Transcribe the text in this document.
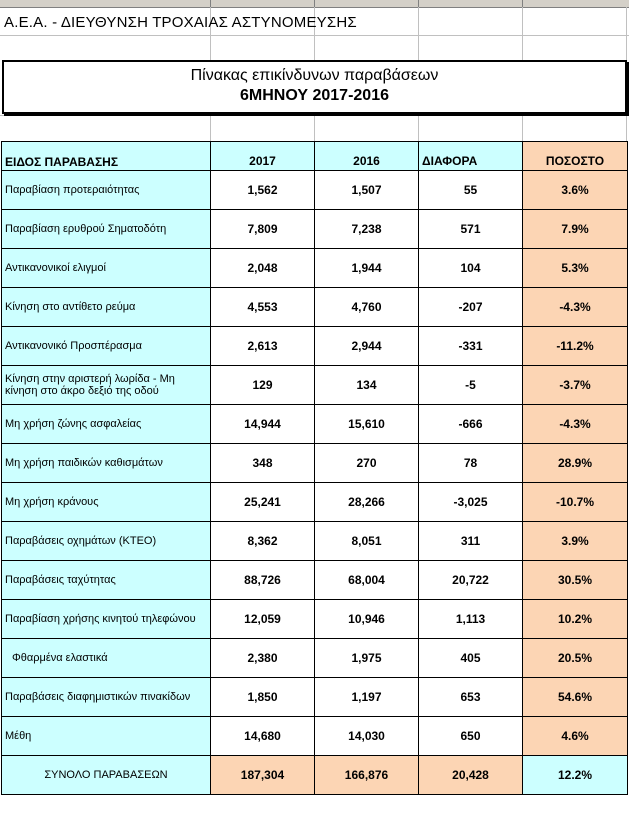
Α.Ε.Α. - ΔΙΕΥΘΥΝΣΗ ΤΡΟΧΑΙΑΣ ΑΣΤΥΝΟΜΕΥΣΗΣ
Πίνακας επικίνδυνων παραβάσεων
6ΜΗΝΟΥ 2017-2016
ΕΙΔΟΣ ΠΑΡΑΒΑΣΗΣ	2017	2016	ΔΙΑΦΟΡΑ	ΠΟΣΟΣΤΟ
Παραβίαση προτεραιότητας	1,562	1,507	55	3.6%
Παραβίαση ερυθρού Σηματοδότη	7,809	7,238	571	7.9%
Αντικανονικοί ελιγμοί	2,048	1,944	104	5.3%
Κίνηση στο αντίθετο ρεύμα	4,553	4,760	-207	-4.3%
Αντικανονικό Προσπέρασμα	2,613	2,944	-331	-11.2%
Κίνηση στην αριστερή λωρίδα - Μη κίνηση στο άκρο δεξιό της οδού	129	134	-5	-3.7%
Μη χρήση ζώνης ασφαλείας	14,944	15,610	-666	-4.3%
Μη χρήση παιδικών καθισμάτων	348	270	78	28.9%
Μη χρήση κράνους	25,241	28,266	-3,025	-10.7%
Παραβάσεις οχημάτων (ΚΤΕΟ)	8,362	8,051	311	3.9%
Παραβάσεις ταχύτητας	88,726	68,004	20,722	30.5%
Παραβίαση χρήσης κινητού τηλεφώνου	12,059	10,946	1,113	10.2%
Φθαρμένα ελαστικά	2,380	1,975	405	20.5%
Παραβάσεις διαφημιστικών πινακίδων	1,850	1,197	653	54.6%
Μέθη	14,680	14,030	650	4.6%
ΣΥΝΟΛΟ ΠΑΡΑΒΑΣΕΩΝ	187,304	166,876	20,428	12.2%
